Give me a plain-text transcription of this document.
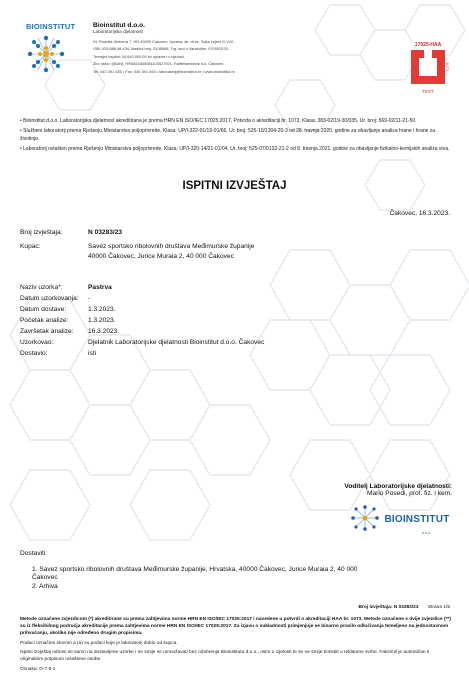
BIOINSTITUT	Bioinstitut d.o.o.
Laboratorijska djelatnost
Dr. Rudolfa Steinera 7, HR-40000 Čakovec, Uprava: dir. dr.sc. Saša Lejeni D.V.M.,
OIB: 425 888 98 434, Matični broj: 3108589, Trg. sud u Varaždinu: 070002578,
Temeljni kapital: 34.640.000,00 kn uplaćen u cijelosti,
Žiro račun (IBAN): HR5824840081100527921, Raiffeisenbank d.d. Čakovec
Tel. 040 391 485 • Fax: 040 391 493 • laboratorij@bioinstitut.hr • www.bioinstitut.hr
17025-HAA
TEST
1073

• Bioinstitut d.o.o. Laboratorijska djelatnost akreditirana je prema HRN EN ISO/IEC 17025:2017, Potvrda o akreditaciji br. 1073, Klasa: 383-02/19-30/035, Ur. broj: 569-02/11-21-50.

• Službeni laboratorij prema Rješenju Ministarstva poljoprivrede, Klasa: UP/I-322-01/19-01/66, Ur. broj: 525-10/1304-20-3 od 28. travnja 2020. godine za obavljanje analiza hrane i hrane za životinje.

• Laboratorij ovlašten prema Rješenju Ministarstva poljoprivrede, Klasa: UP/I-320-14/21-01/04, Ur. broj: 525-07/0132-21-2 od 8. travnja 2021. godine za obavljanje fizikalno-kemijskih analiza vina.

ISPITNI IZVJEŠTAJ
Čakovec, 16.3.2023.
Broj izvještaja:	N 03283/23
Kupac:	Savez sportsko ribolovnih društava Međimurske županije
40000 Čakovec, Jurice Muraia 2, 40 000 Čakovec
Naziv uzorka*:	Pastrva
Datum uzorkovanja: -
Datum dostave:	1.3.2023.
Početak analize:	1.3.2023.
Završetak analize: 16.3.2023.
Uzorkovao:	Djelatnik Laboratorijske djelatnosti Bioinstitut d.o.o. Čakovec
Dostavio:	isti
Voditelj Laboratorijske djelatnosti:
Mario Posedi, prof. fiz. i kem.
BIOINSTITUT
d.o.o.
Dostaviti:
1. Savez sportsko ribolovnih društava Međimurske županije, Hrvatska, 40000 Čakovec, Jurice Muraia 2, 40 000
Čakovec
2. Arhiva
Broj izvještaja: N 03283/23 Strana 1/5

Metode označene zvjezdicom (*) akreditirane su prema zahtjevima norme HRN EN ISO/IEC 17025:2017 i navedene u potvrdi o akreditaciji HAA br. 1073. Metode označene s dvije zvjezdice (**) su iz fleksibilnog područja akreditacije prema zahtjevima norme HRN EN ISO/IEC 17025:2017. Za izjavu o sukladnosti primjenjuje se binarno pravilo odlučivanja temeljeno na jednostavnom prihvaćanju, ukoliko nije određeno drugim propisima.

Podaci označeni slovom a (a) su podaci koje je laboratorij dobio od kupca.

Ispitni izvještaj odnosi se samo na dostavljene uzorke i ne smije se umnožavati bez odobrenja Bioinstituta d.o.o., osim u cijelosti te se ne smije koristiti u reklamne svrhe. Faksimil je autentičan s originalnim potpisom ovlaštene osobe.

Oznaka: O-7.8-1
